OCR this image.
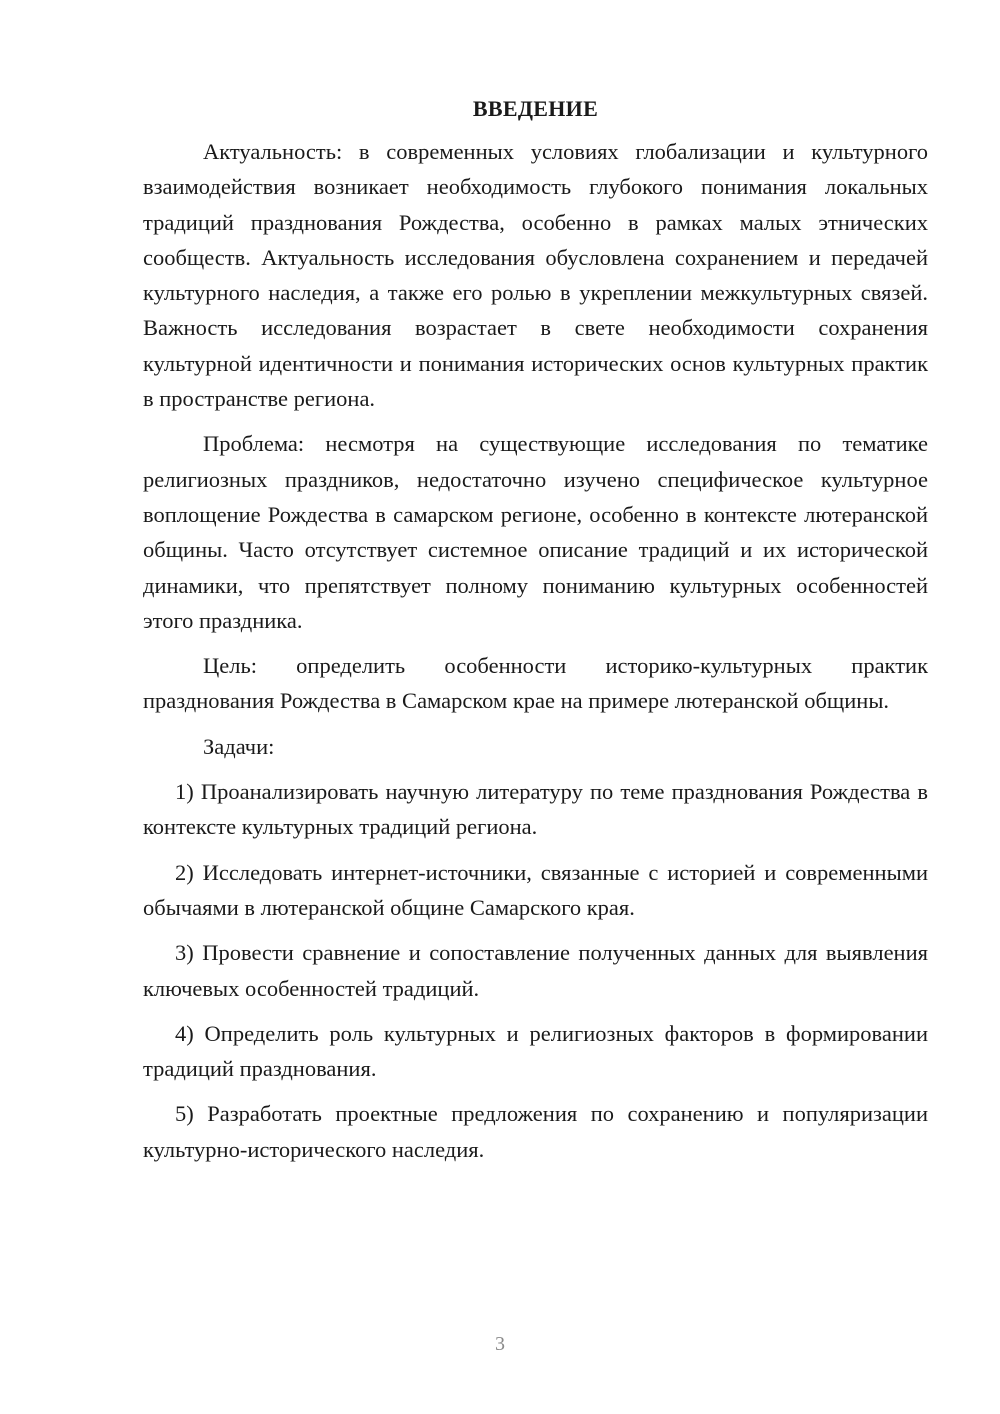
ВВЕДЕНИЕ

Актуальность: в современных условиях глобализации и культурного взаимодействия возникает необходимость глубокого понимания локальных традиций празднования Рождества, особенно в рамках малых этнических сообществ. Актуальность исследования обусловлена сохранением и передачей культурного наследия, а также его ролью в укреплении межкультурных связей. Важность исследования возрастает в свете необходимости сохранения культурной идентичности и понимания исторических основ культурных практик в пространстве региона.

Проблема: несмотря на существующие исследования по тематике религиозных праздников, недостаточно изучено специфическое культурное воплощение Рождества в самарском регионе, особенно в контексте лютеранской общины. Часто отсутствует системное описание традиций и их исторической динамики, что препятствует полному пониманию культурных особенностей этого праздника.

Цель: определить особенности историко-культурных практик празднования Рождества в Самарском крае на примере лютеранской общины.

Задачи:

1) Проанализировать научную литературу по теме празднования Рождества в контексте культурных традиций региона.

2) Исследовать интернет-источники, связанные с историей и современными обычаями в лютеранской общине Самарского края.

3) Провести сравнение и сопоставление полученных данных для выявления ключевых особенностей традиций.

4) Определить роль культурных и религиозных факторов в формировании традиций празднования.

5) Разработать проектные предложения по сохранению и популяризации культурно-исторического наследия.

3
